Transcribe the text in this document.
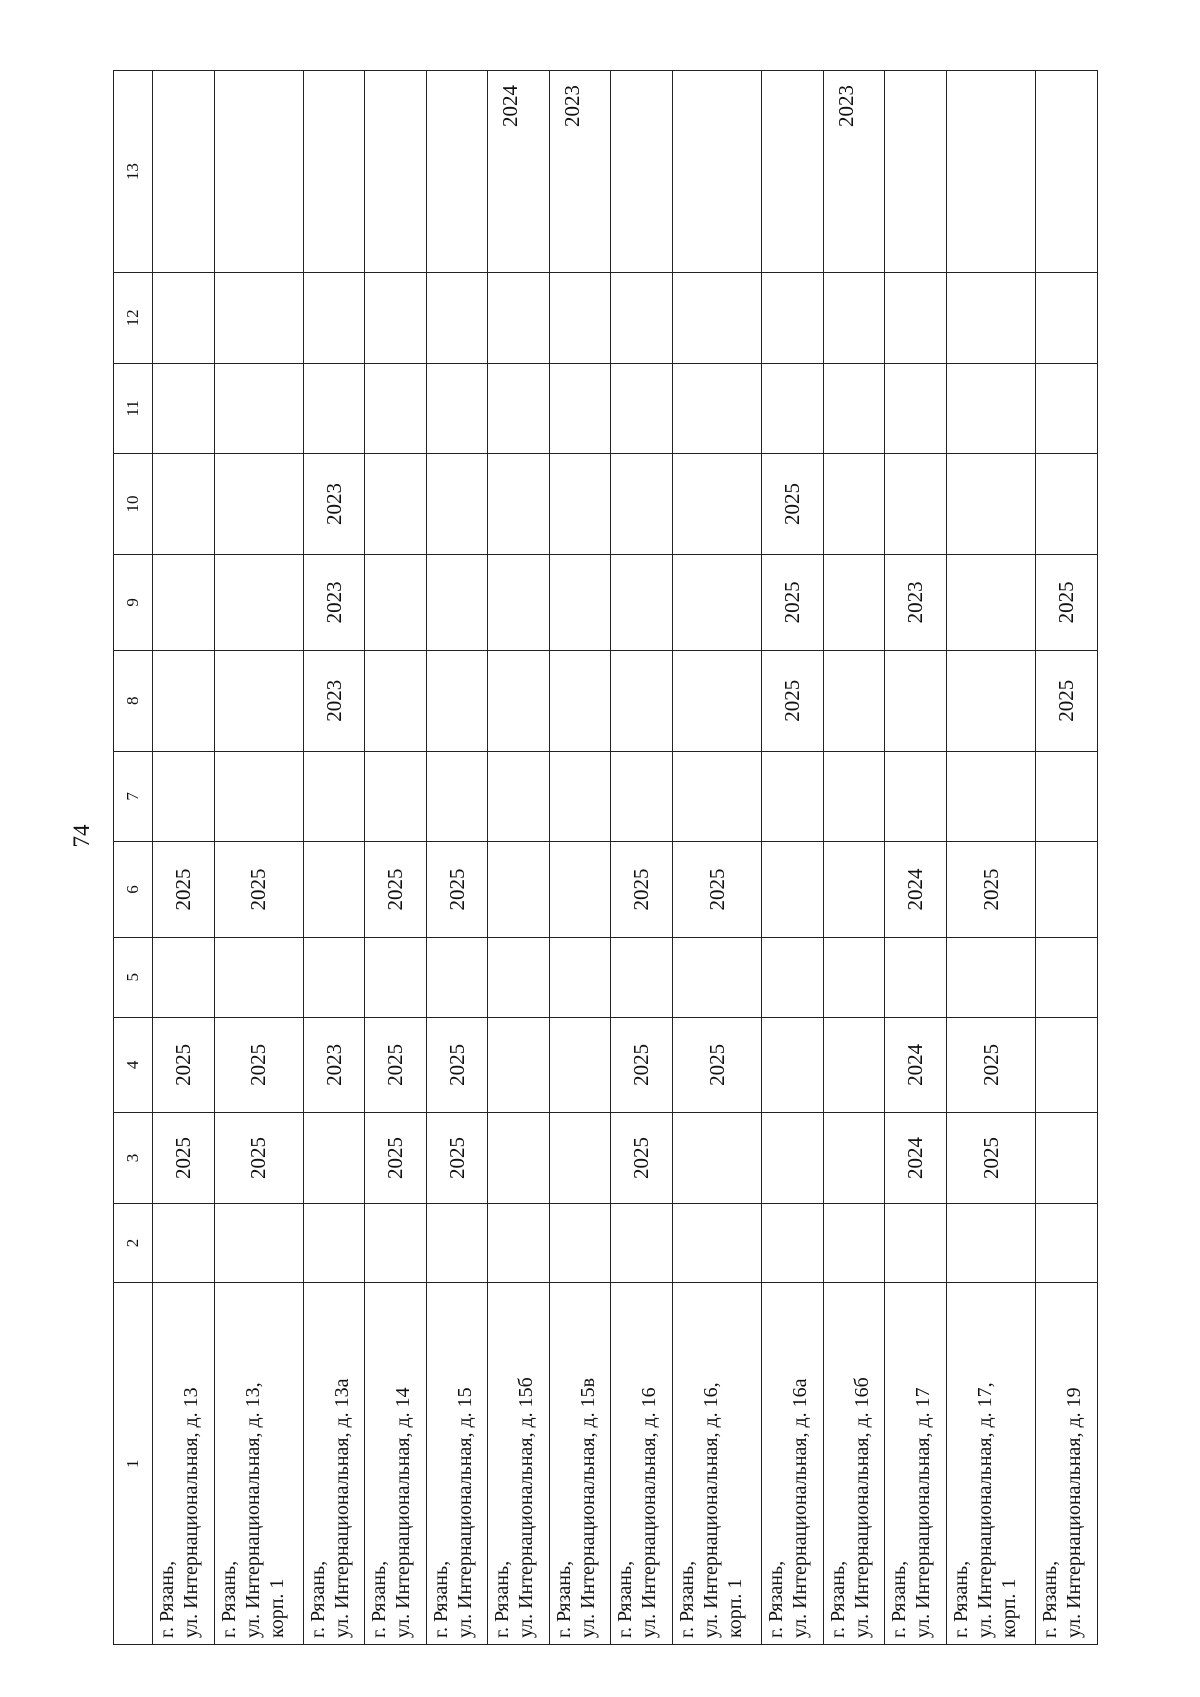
74
1	2	3	4	5	6	7	8	9	10	11	12	13

г. Рязань, ул. Интернациональная, д. 13		2025	2025		2025							

г. Рязань, ул. Интернациональная, д. 13, корп. 1		2025	2025		2025							

г. Рязань, ул. Интернациональная, д. 13а			2023				2023	2023	2023			

г. Рязань, ул. Интернациональная, д. 14		2025	2025		2025							

г. Рязань, ул. Интернациональная, д. 15		2025	2025		2025							

г. Рязань, ул. Интернациональная, д. 15б												2024

г. Рязань, ул. Интернациональная, д. 15в												2023

г. Рязань, ул. Интернациональная, д. 16		2025	2025		2025							

г. Рязань, ул. Интернациональная, д. 16, корп. 1			2025		2025							

г. Рязань, ул. Интернациональная, д. 16а							2025	2025	2025			

г. Рязань, ул. Интернациональная, д. 16б												2023

г. Рязань, ул. Интернациональная, д. 17		2024	2024		2024			2023				

г. Рязань, ул. Интернациональная, д. 17, корп. 1		2025	2025		2025							

г. Рязань, ул. Интернациональная, д. 19							2025	2025				
